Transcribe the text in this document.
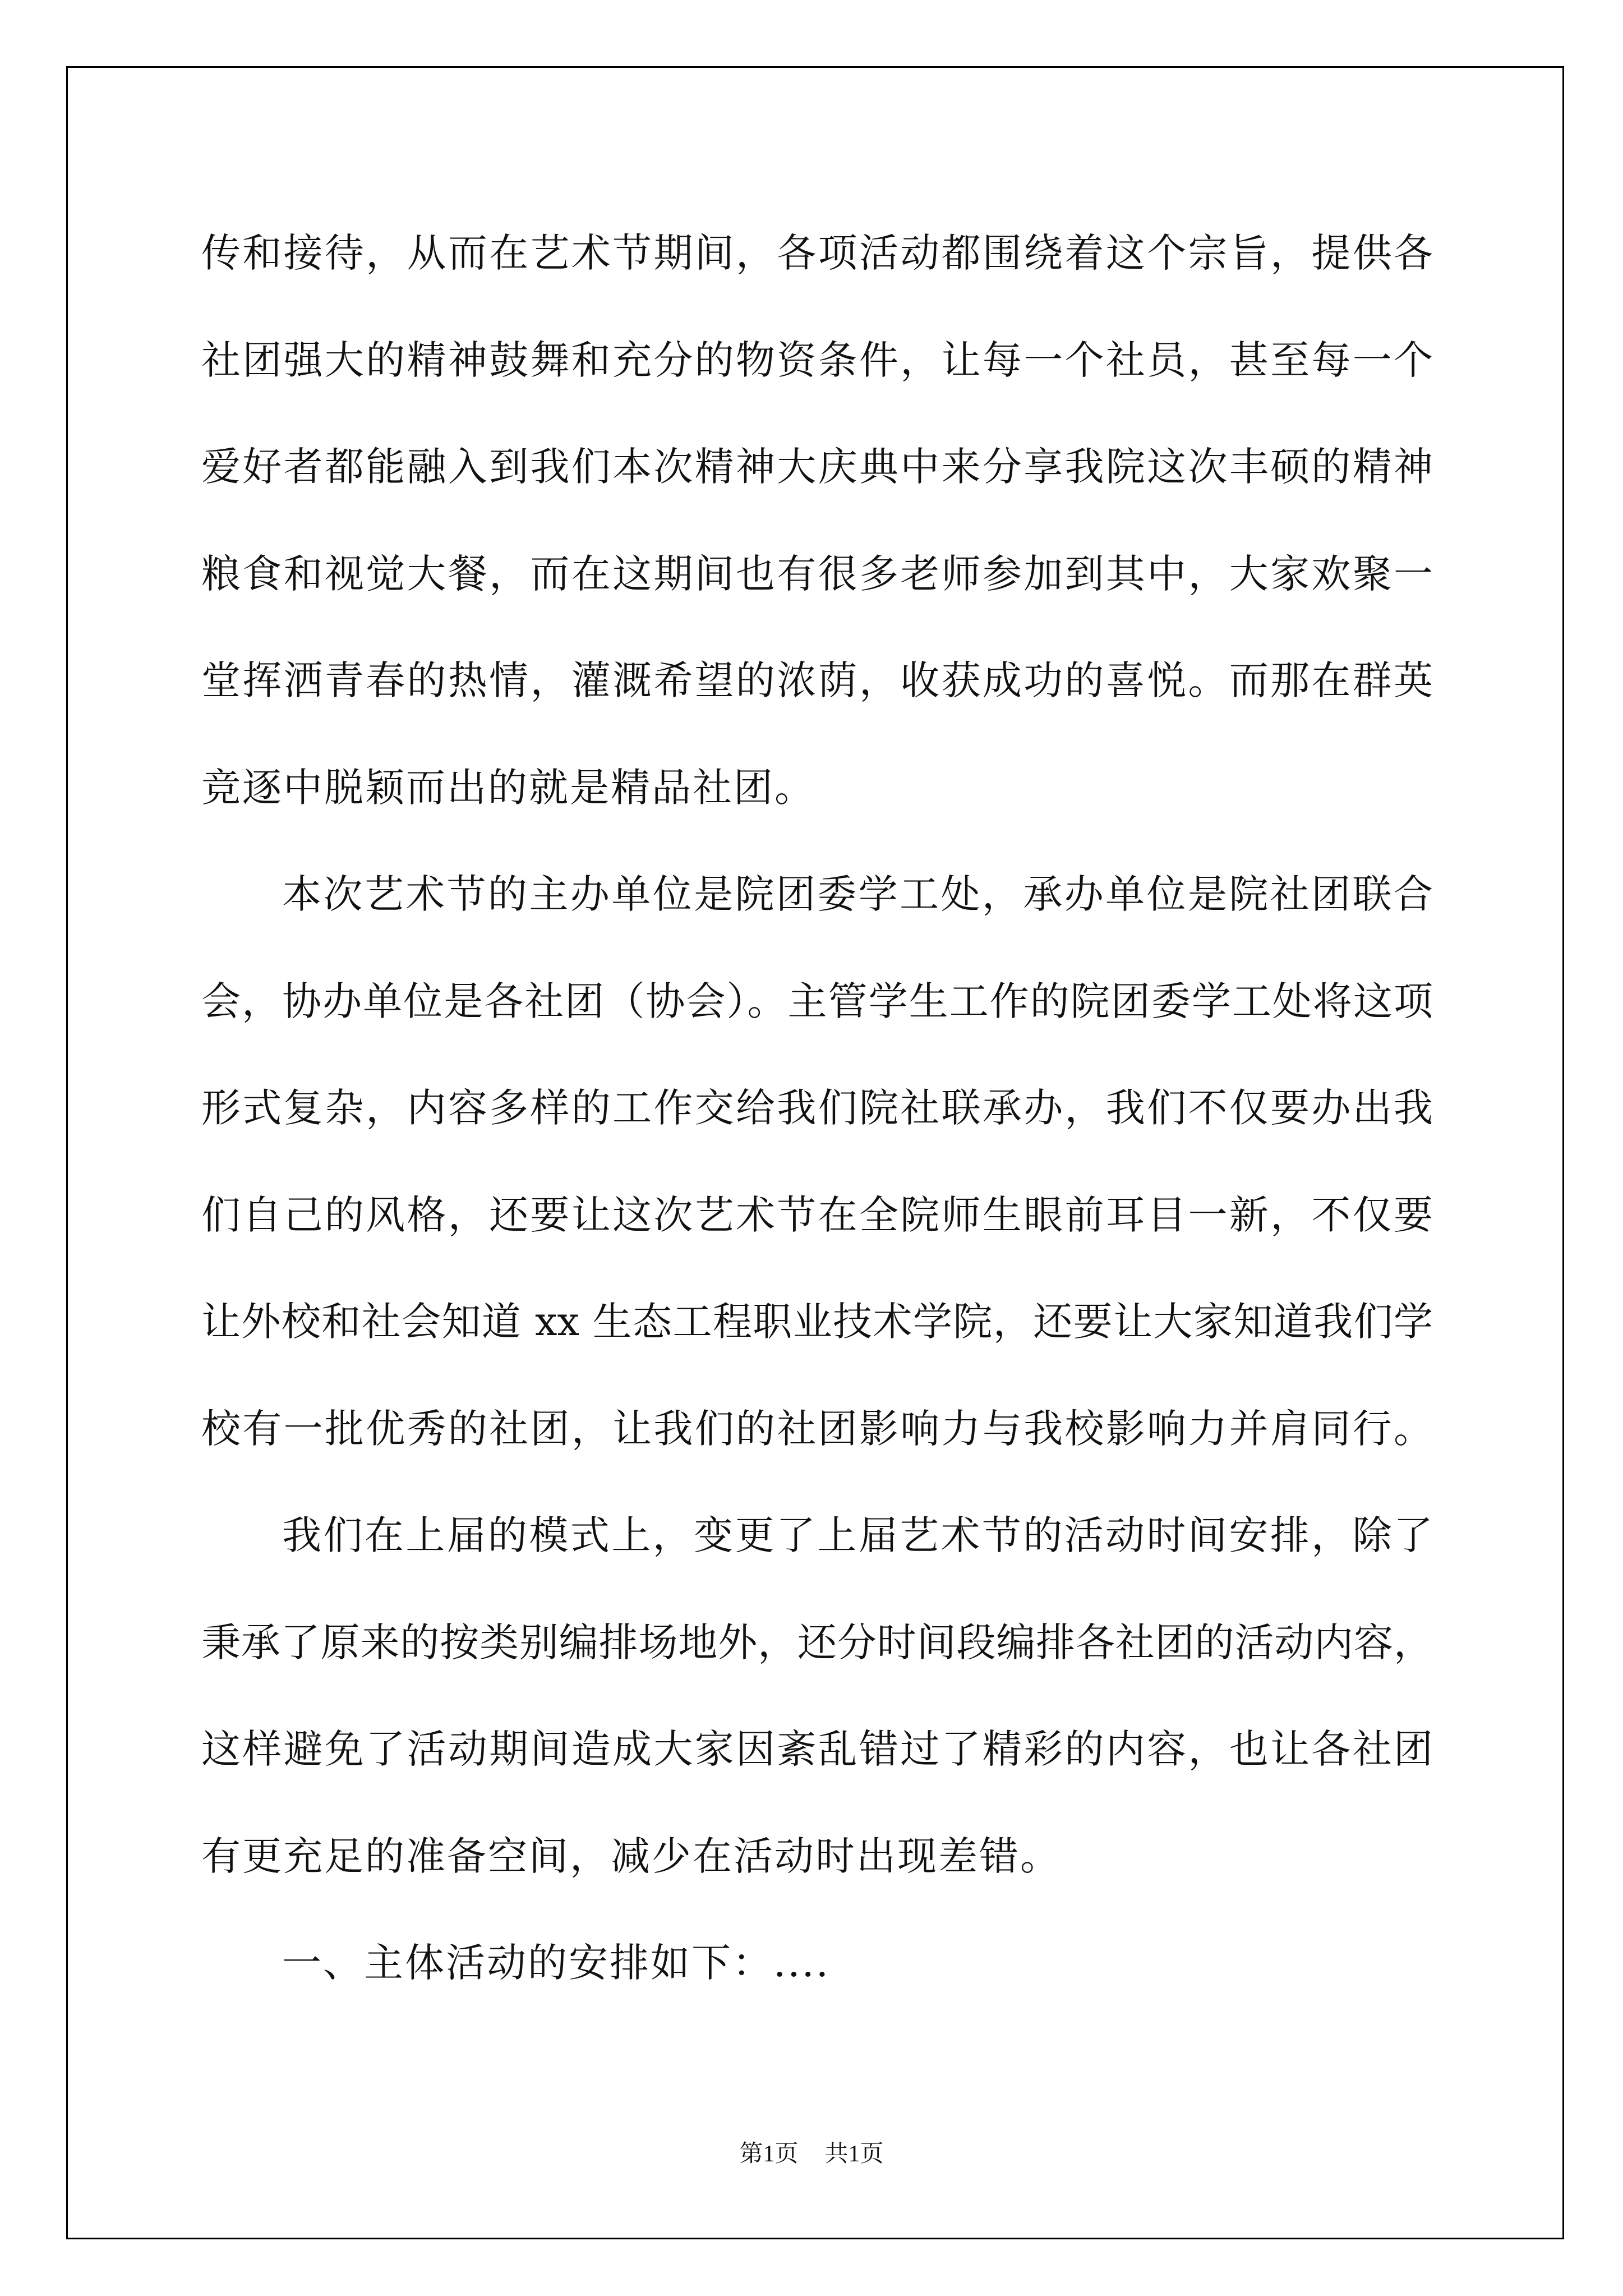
传和接待，从而在艺术节期间，各项活动都围绕着这个宗旨，提供各
社团强大的精神鼓舞和充分的物资条件，让每一个社员，甚至每一个
爱好者都能融入到我们本次精神大庆典中来分享我院这次丰硕的精神
粮食和视觉大餐，而在这期间也有很多老师参加到其中，大家欢聚一
堂挥洒青春的热情，灌溉希望的浓荫，收获成功的喜悦。而那在群英
竞逐中脱颖而出的就是精品社团。
本次艺术节的主办单位是院团委学工处，承办单位是院社团联合
会，协办单位是各社团（协会）。主管学生工作的院团委学工处将这项
形式复杂，内容多样的工作交给我们院社联承办，我们不仅要办出我
们自己的风格，还要让这次艺术节在全院师生眼前耳目一新，不仅要
让外校和社会知道 xx 生态工程职业技术学院，还要让大家知道我们学
校有一批优秀的社团，让我们的社团影响力与我校影响力并肩同行。
我们在上届的模式上，变更了上届艺术节的活动时间安排，除了
秉承了原来的按类别编排场地外，还分时间段编排各社团的活动内容，
这样避免了活动期间造成大家因紊乱错过了精彩的内容，也让各社团
有更充足的准备空间，减少在活动时出现差错。
一、主体活动的安排如下：....
第1页 共1页
